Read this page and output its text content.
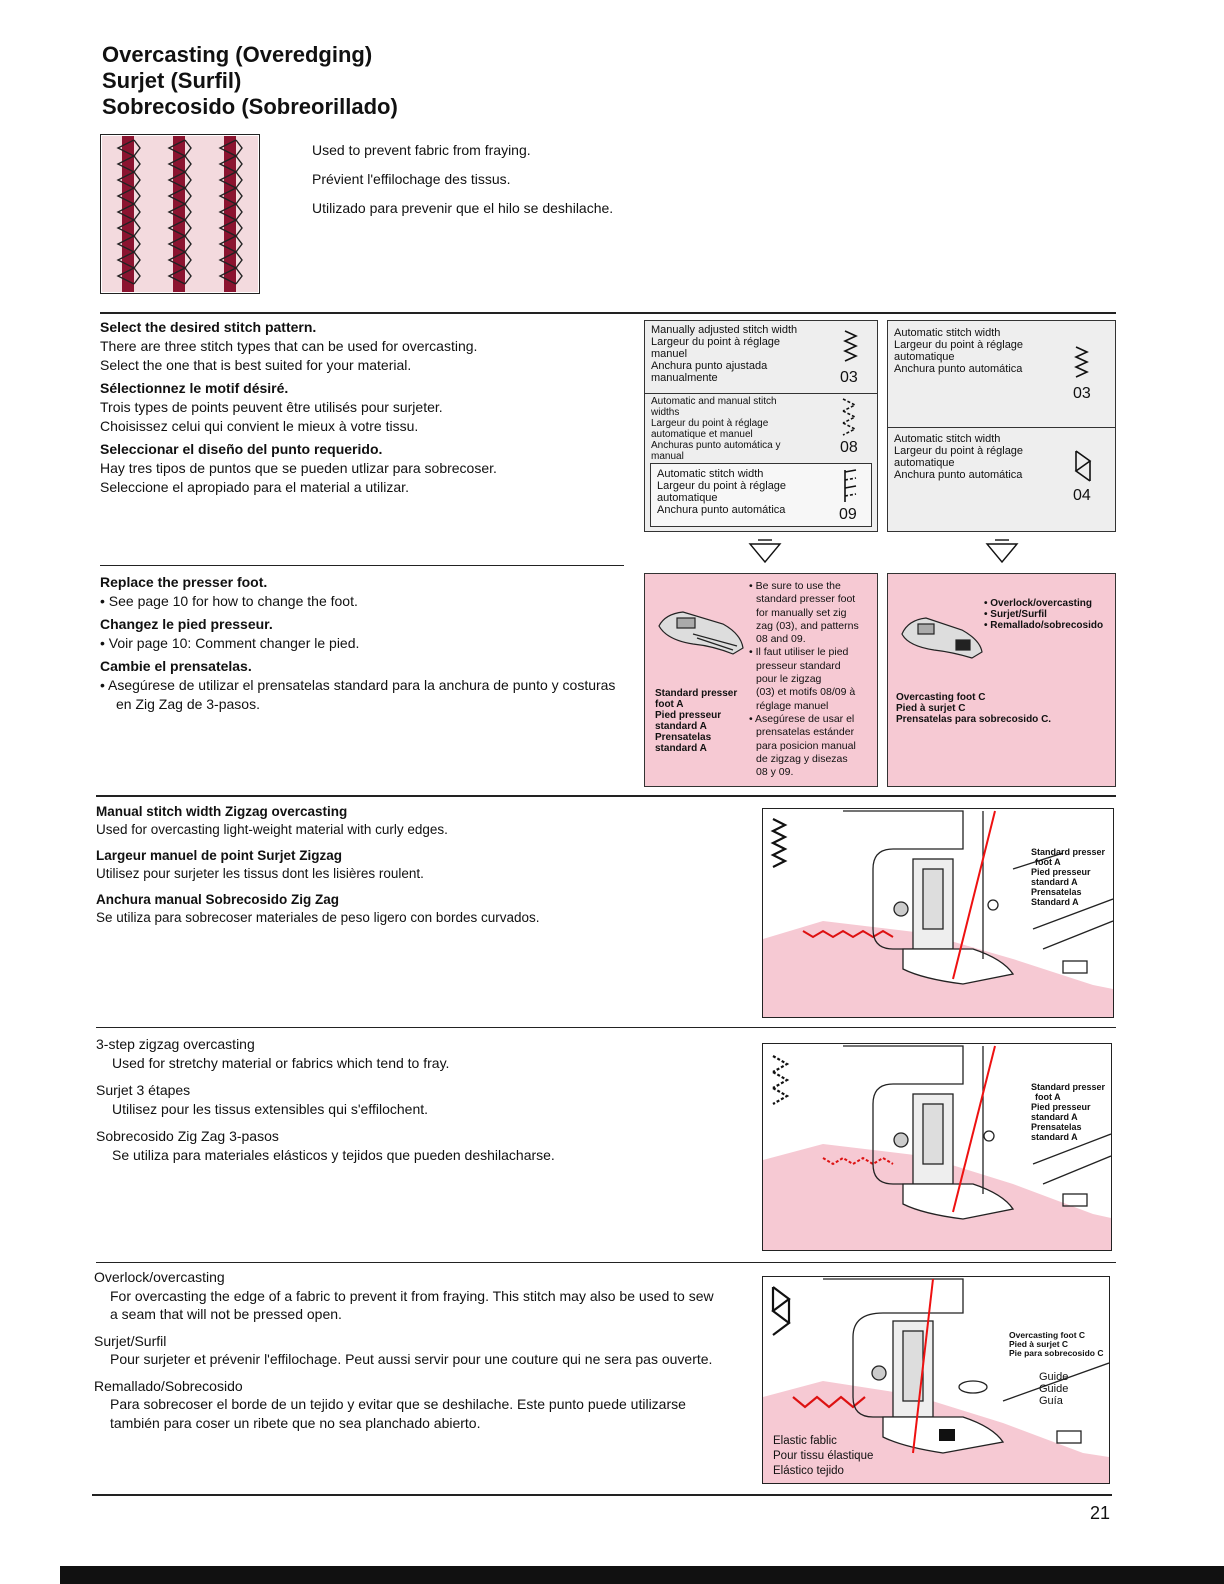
Overcasting (Overedging)
Surjet (Surfil)
Sobrecosido (Sobreorillado)
Used to prevent fabric from fraying.
Prévient l'effilochage des tissus.
Utilizado para prevenir que el hilo se deshilache.
Select the desired stitch pattern.
There are three stitch types that can be used for overcasting.
Select the one that is best suited for your material.
Sélectionnez le motif désiré.
Trois types de points peuvent être utilisés pour surjeter.
Choisissez celui qui convient le mieux à votre tissu.
Seleccionar el diseño del punto requerido.
Hay tres tipos de puntos que se pueden utlizar para sobrecoser.
Seleccione el apropiado para el material a utilizar.
Manually adjusted stitch width
Largeur du point à réglage
manuel
Anchura punto ajustada
manualmente	03
Automatic and manual stitch
widths
Largeur du point à réglage
automatique et manuel
Anchuras punto automática y
manual
08
Automatic stitch width
Largeur du point à réglage
automatique
Anchura punto automática	09
Automatic stitch width
Largeur du point à réglage
automatique
Anchura punto automática
03
Automatic stitch width
Largeur du point à réglage
automatique
Anchura punto automática
04
Replace the presser foot.
• See page 10 for how to change the foot.
Changez le pied presseur.
• Voir page 10: Comment changer le pied.
Cambie el prensatelas.
• Asegúrese de utilizar el prensatelas standard para la anchura de punto y costuras en Zig Zag de 3-pasos.
Standard presser
foot A
Pied presseur
standard A
Prensatelas
standard A
• Be sure to use the
standard presser foot
for manually set zig
zag (03), and patterns
08 and 09.
• Il faut utiliser le pied
presseur standard
pour le zigzag
(03) et motifs 08/09 à
réglage manuel
• Asegúrese de usar el
prensatelas estánder
para posicion manual
de zigzag y disezas
08 y 09.
• Overlock/overcasting
• Surjet/Surfil
• Remallado/sobrecosido
Overcasting foot C
Pied à surjet C
Prensatelas para sobrecosido C.
Manual stitch width Zigzag overcasting
Used for overcasting light-weight material with curly edges.
Largeur manuel de point Surjet Zigzag
Utilisez pour surjeter les tissus dont les lisières roulent.
Anchura manual Sobrecosido Zig Zag
Se utiliza para sobrecoser materiales de peso ligero con bordes curvados.
Standard presser
foot A
Pied presseur
standard A
Prensatelas
Standard A
3-step zigzag overcasting
Used for stretchy material or fabrics which tend to fray.
Surjet 3 étapes
Utilisez pour les tissus extensibles qui s'effilochent.
Sobrecosido Zig Zag 3-pasos
Se utiliza para materiales elásticos y tejidos que pueden deshilacharse.
Standard presser
foot A
Pied presseur
standard A
Prensatelas
standard A
Overlock/overcasting
For overcasting the edge of a fabric to prevent it from fraying. This stitch may also be used to sew a seam that will not be pressed open.
Surjet/Surfil
Pour surjeter et prévenir l'effilochage. Peut aussi servir pour une couture qui ne sera pas ouverte.
Remallado/Sobrecosido
Para sobrecoser el borde de un tejido y evitar que se deshilache. Este punto puede utilizarse también para coser un ribete que no sea planchado abierto.
Overcasting foot C
Pied à surjet C
Pie para sobrecosido C
Guide
Guide
Guía
Elastic fablic
Pour tissu élastique
Elástico tejido
21
